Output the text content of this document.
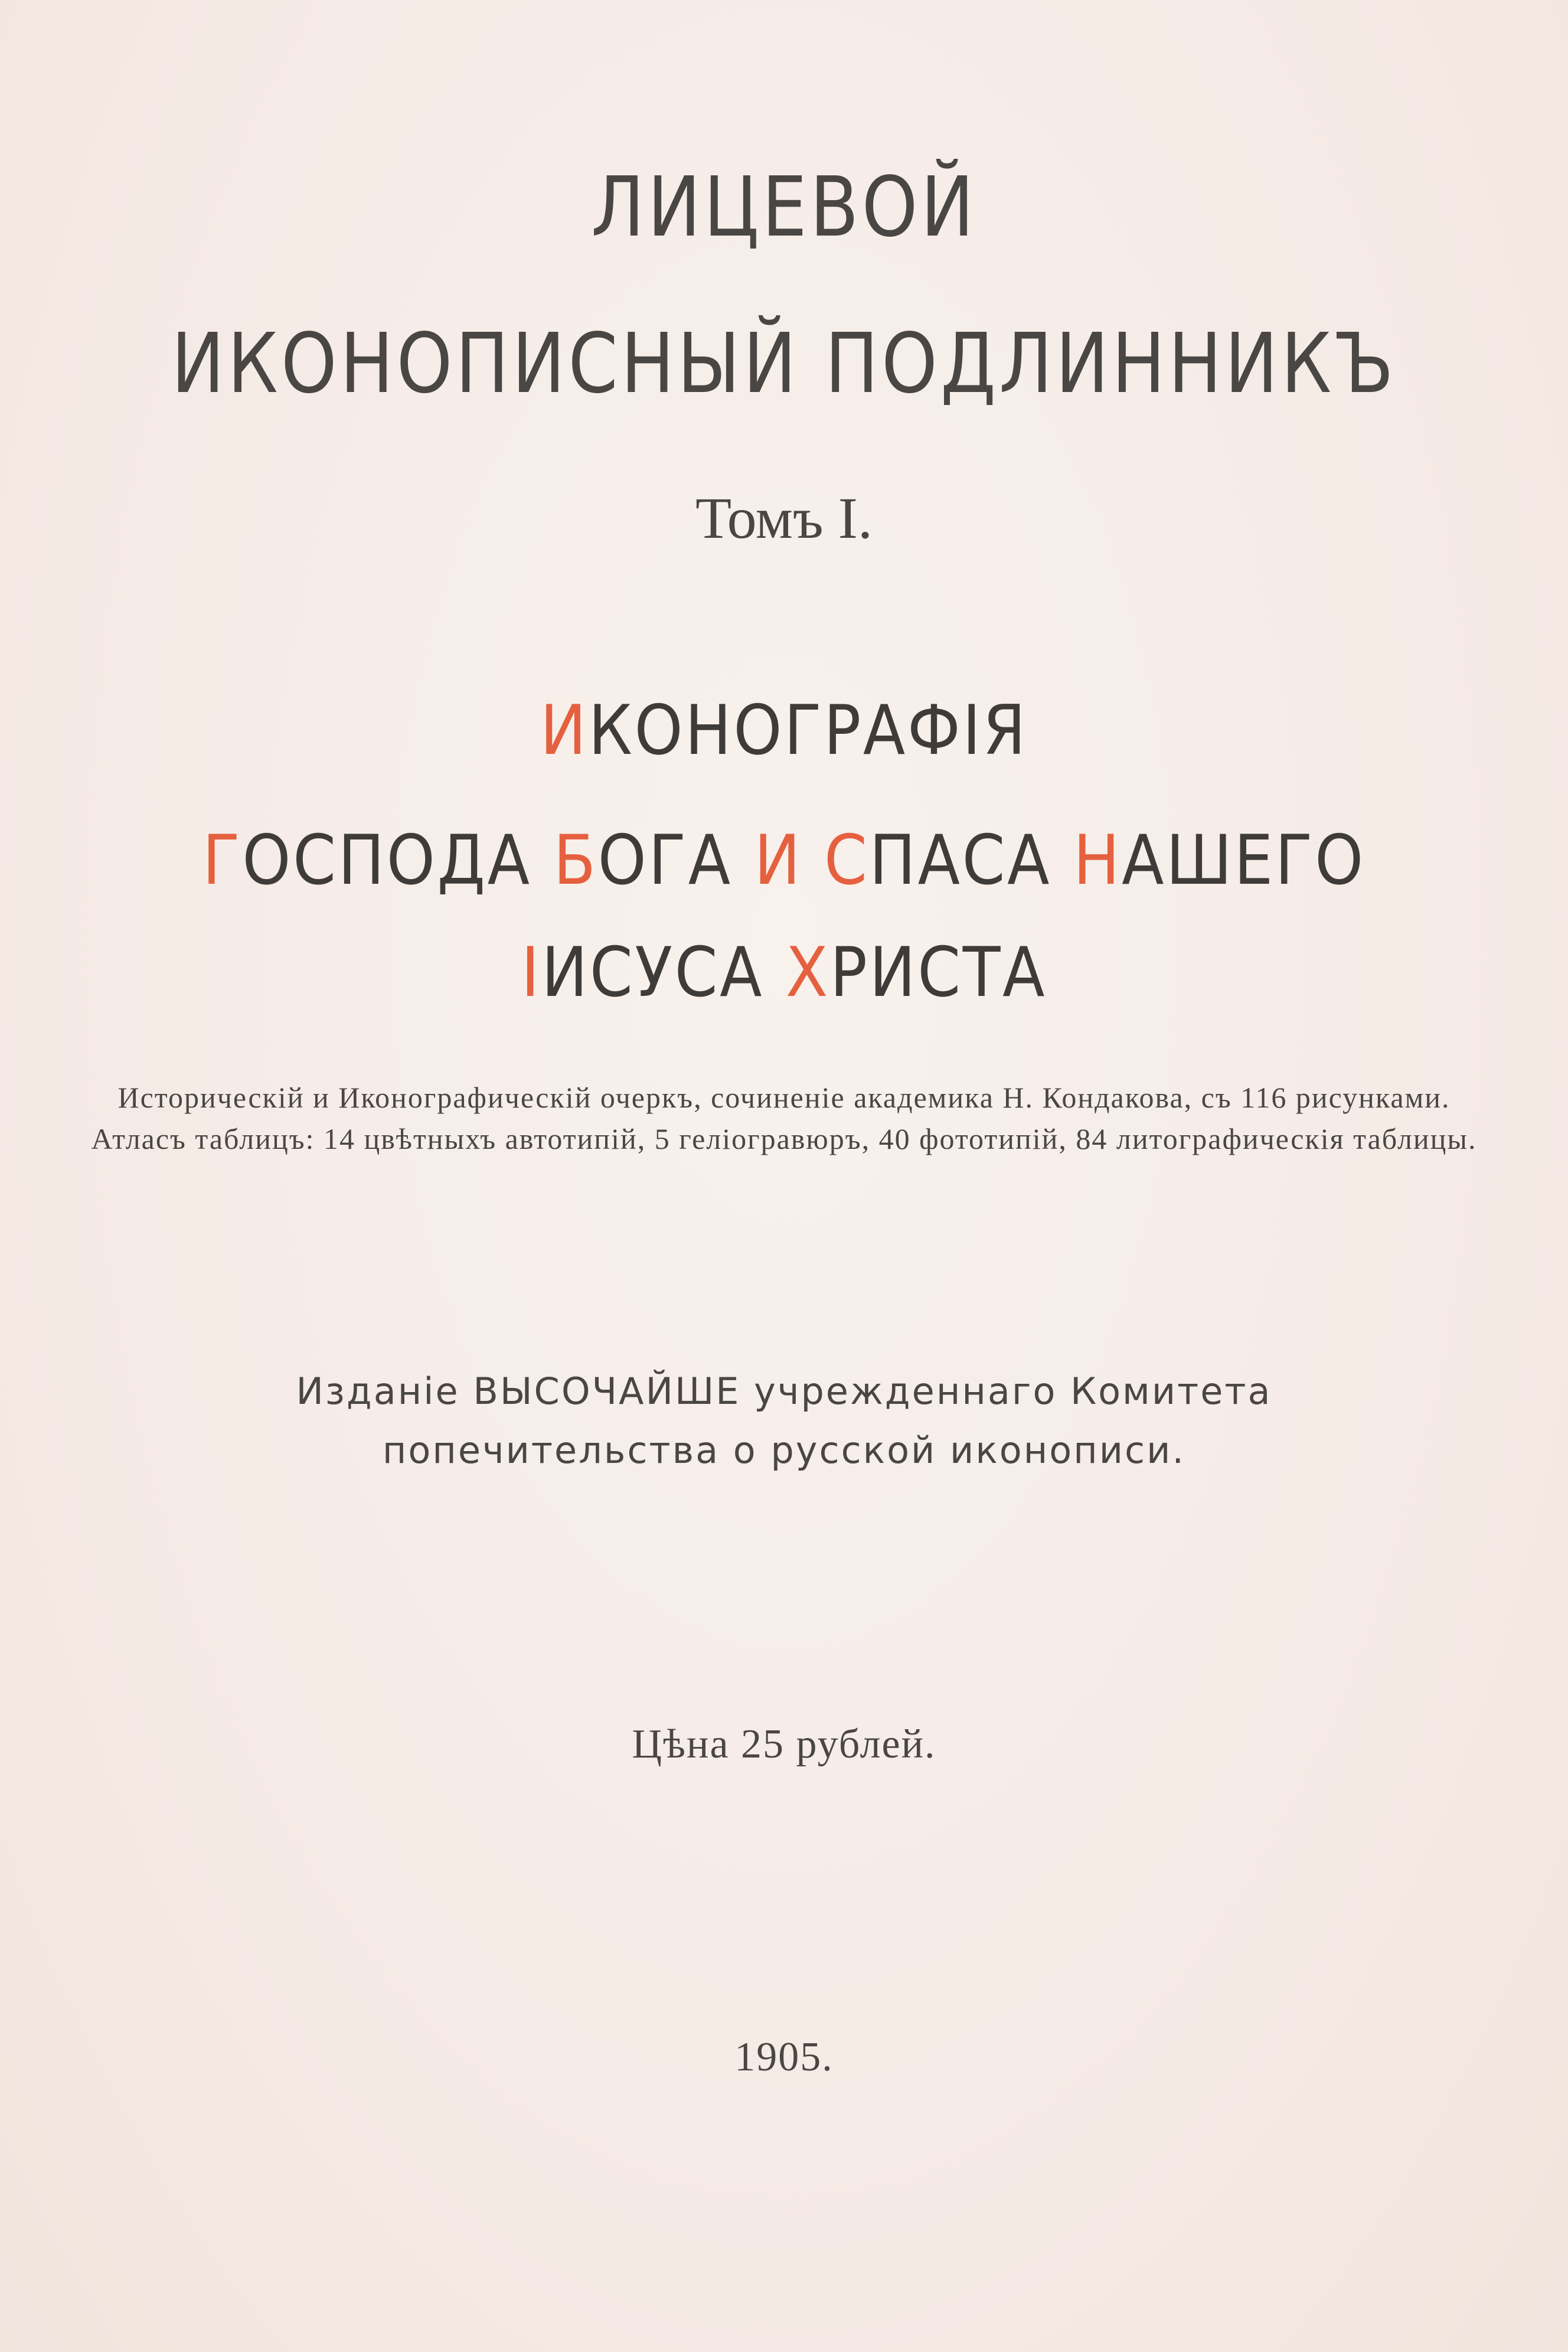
ЛИЦЕВОЙ
ИКОНОПИСНЫЙ ПОДЛИННИКЪ
Томъ I.
ИКОНОГРАФІЯ
ГОСПОДА БОГА И СПАСА НАШЕГО
ІИСУСА ХРИСТА
Историческій и Иконографическій очеркъ, сочиненіе академика Н. Кондакова, съ 116 рисунками.
Атласъ таблицъ: 14 цвѣтныхъ автотипій, 5 геліогравюръ, 40 фототипій, 84 литографическія таблицы.
Изданіе ВЫСОЧАЙШЕ учрежденнаго Комитета
попечительства о русской иконописи.
Цѣна 25 рублей.
1905.
